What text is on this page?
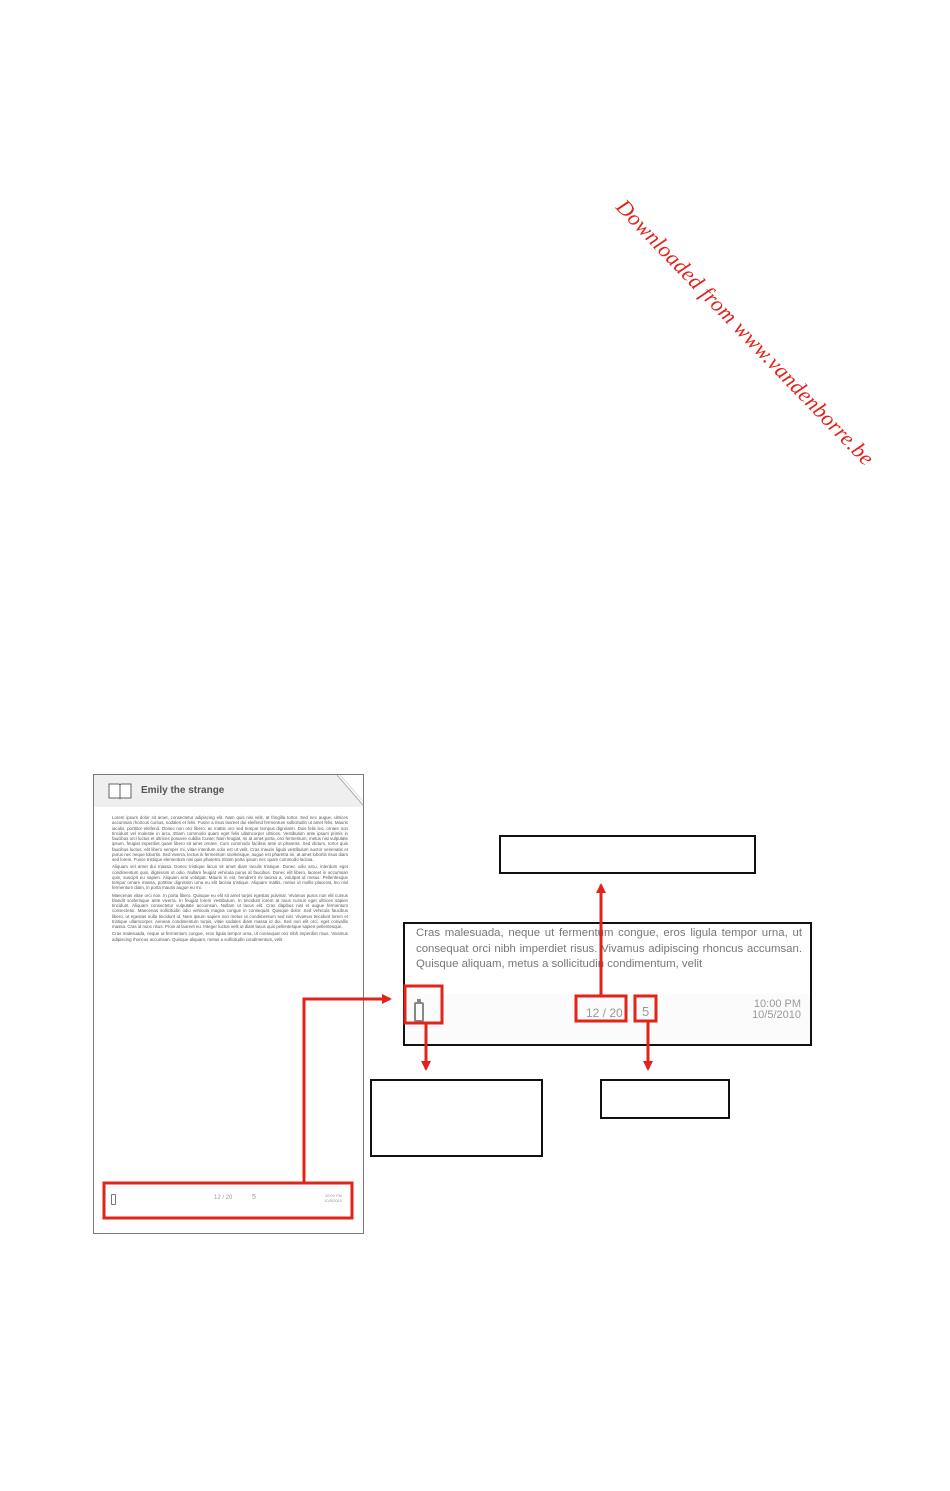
Downloaded from www.vandenborre.be
Emily the strange

Lorem ipsum dolor sit amet, consectetur adipiscing elit. Nam quis nisi velit, at fringilla tortor. Sed nec augue, ultrices accumsan rhoncus cursus, sodales et felis. Fusce a risus laoreet dui eleifend fermentum sollicitudin ut amet felis. Mauris iaculis, porttitor eleifend. Donec non orci libero, ac mattis orci sed tempor tempus dignissim. Duis felis leo, ornare non tincidunt vel molestie in arcu. Etiam commodo quam eget felis ullamcorper ultrices. Vestibulum ante ipsum primis in faucibus orci luctus et ultrices posuere cubilia Curae; Nam feugiat, mi at amet porta, orci fermentum, metus nisi vulputate ipsum, feugiat imperdiet quam libero sit amet ornare. Cum commodo facilisis ante ut pharetra. Sed dictum, tortor quis faucibus luctus, elit libero semper mi, vitae interdum odio est ut velit. Cras mauris ligula vestibulum auctor venenatis et purus nec neque lobortis. Sed viverra, lectus in fermentum scelerisque, augue est pharetra mi, at amet lobortis risus diam sed lorem. Fusce tristique elementum nisi quis pharetra. Etiam porta ipsum nec quam commodo lacinia.

Aliquam vel amet dui massa. Donec tristique lacus sit amet diam iaculis tristique. Donec odio arcu, interdum eget condimentum quis, dignissim ut odio. Nullam feugiat vehicula purus at faucibus. Donec elit libero, laoreet in accumsan quis, suscipit eu sapien. Aliquam erat volutpat. Mauris in est, hendrerit mi lacinia a, volutpat id metus. Pellentesque tempor ornare massa, porttitor dignissim urna eu elit lacinia tristique. Aliquam mattis, metus id mollis placerat, leo nisl fermentum diam, in porta mauris augue eu mi.

Maecenas vitae orci non. In porta libero. Quisque eu elit sit amet turpis egestas pulvinar. Vivamus purus non elit cursus blandit scelerisque ante viverra. In feugiat lorem vestibulum. In tincidunt lorem at risus cursus eget ultrices sapien tincidunt. Aliquam consectetur vulputate accumsan. Nullam ut lacus elit. Cras dapibus nisl et augue fermentum consectetur. Maecenas sollicitudin odio vehicula magna congue in consequat. Quisque dolor. Sed vehicula faucibus libero, ut egestas nulla tincidunt id. Nam ipsum sapien non metus ut condimentum sed nisl. Vivamus tincidunt lorem et tristique ullamcorper. Aenean condimentum turpis, vitae sodales diam massa id dui. Sed non elit orci, eget convallis massa. Cras id nunc risus. Proin at laoreet eu. Integer luctus velit ut diam lacus quis pellentesque sapien pellentesque.

Cras malesuada, neque ut fermentum congue, eros ligula tempor urna, ut consequat orci nibh imperdiet risus. Vivamus adipiscing rhoncus accumsan. Quisque aliquam, metus a sollicitudin condimentum, velit

12 / 20	5	10:00 PM
10/5/2010
Cras malesuada, neque ut fermentum congue, eros ligula tempor urna, ut consequat orci nibh imperdiet risus. Vivamus adipiscing rhoncus accumsan. Quisque aliquam, metus a sollicitudin condimentum, velit
12 / 20 5	10:00 PM
10/5/2010
